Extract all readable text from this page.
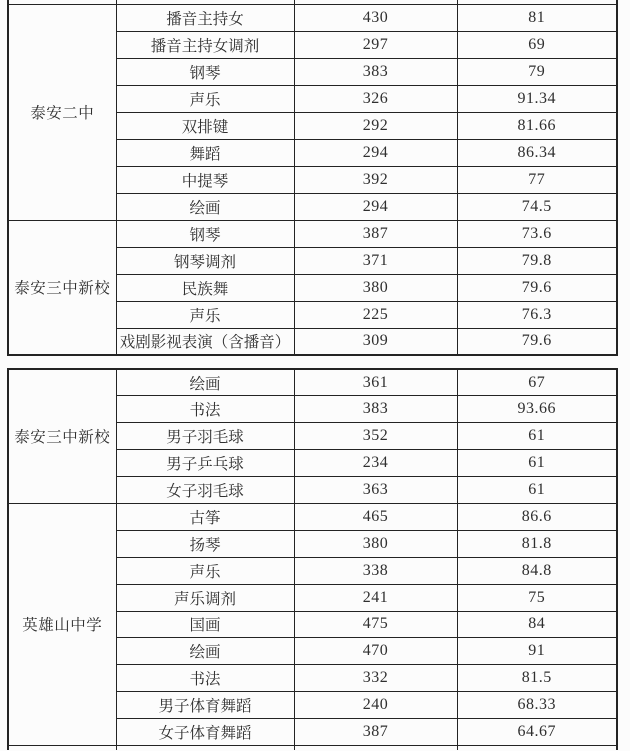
泰安二中	播音主持女	430	81
	播音主持女调剂	297	69
	钢琴	383	79
	声乐	326	91.34
	双排键	292	81.66
	舞蹈	294	86.34
	中提琴	392	77
	绘画	294	74.5
泰安三中新校	钢琴	387	73.6
	钢琴调剂	371	79.8
	民族舞	380	79.6
	声乐	225	76.3
	戏剧影视表演（含播音）	309	79.6
泰安三中新校	绘画	361	67
	书法	383	93.66
	男子羽毛球	352	61
	男子乒乓球	234	61
	女子羽毛球	363	61
英雄山中学	古筝	465	86.6
	扬琴	380	81.8
	声乐	338	84.8
	声乐调剂	241	75
	国画	475	84
	绘画	470	91
	书法	332	81.5
	男子体育舞蹈	240	68.33
	女子体育舞蹈	387	64.67
